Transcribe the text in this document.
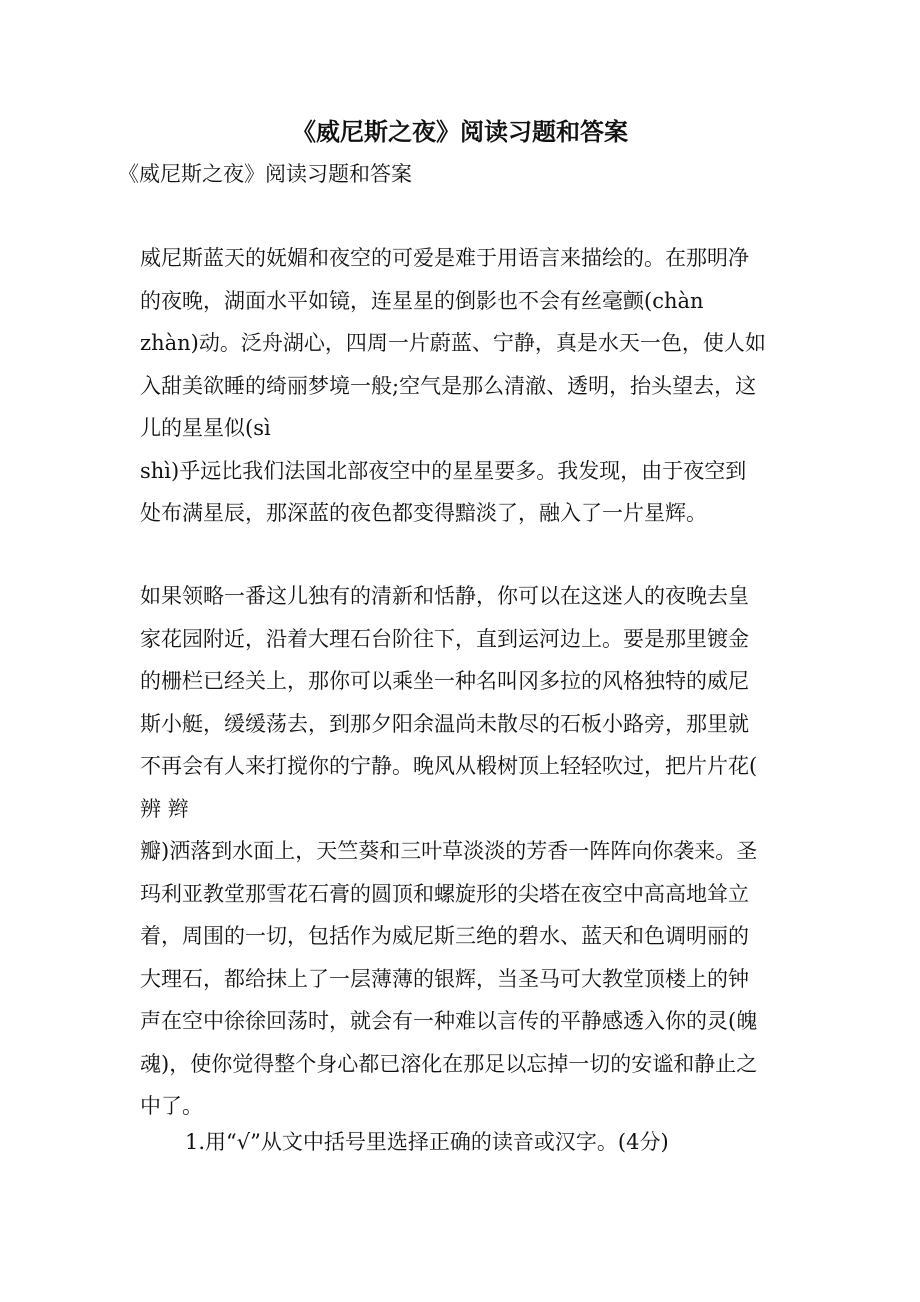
《威尼斯之夜》阅读习题和答案
《威尼斯之夜》阅读习题和答案
威尼斯蓝天的妩媚和夜空的可爱是难于用语言来描绘的。在那明净
的夜晚，湖面水平如镜，连星星的倒影也不会有丝毫颤(chàn
zhàn)动。泛舟湖心，四周一片蔚蓝、宁静，真是水天一色，使人如
入甜美欲睡的绮丽梦境一般;空气是那么清澈、透明，抬头望去，这
儿的星星似(sì
shì)乎远比我们法国北部夜空中的星星要多。我发现，由于夜空到
处布满星辰，那深蓝的夜色都变得黯淡了，融入了一片星辉。
如果领略一番这儿独有的清新和恬静，你可以在这迷人的夜晚去皇
家花园附近，沿着大理石台阶往下，直到运河边上。要是那里镀金
的栅栏已经关上，那你可以乘坐一种名叫冈多拉的风格独特的威尼
斯小艇，缓缓荡去，到那夕阳余温尚未散尽的石板小路旁，那里就
不再会有人来打搅你的宁静。晚风从椴树顶上轻轻吹过，把片片花(
辨 辫
瓣)洒落到水面上，天竺葵和三叶草淡淡的芳香一阵阵向你袭来。圣
玛利亚教堂那雪花石膏的圆顶和螺旋形的尖塔在夜空中高高地耸立
着，周围的一切，包括作为威尼斯三绝的碧水、蓝天和色调明丽的
大理石，都给抹上了一层薄薄的银辉，当圣马可大教堂顶楼上的钟
声在空中徐徐回荡时，就会有一种难以言传的平静感透入你的灵(魄
魂)，使你觉得整个身心都已溶化在那足以忘掉一切的安谧和静止之
中了。
1.用“√”从文中括号里选择正确的读音或汉字。(4分)
